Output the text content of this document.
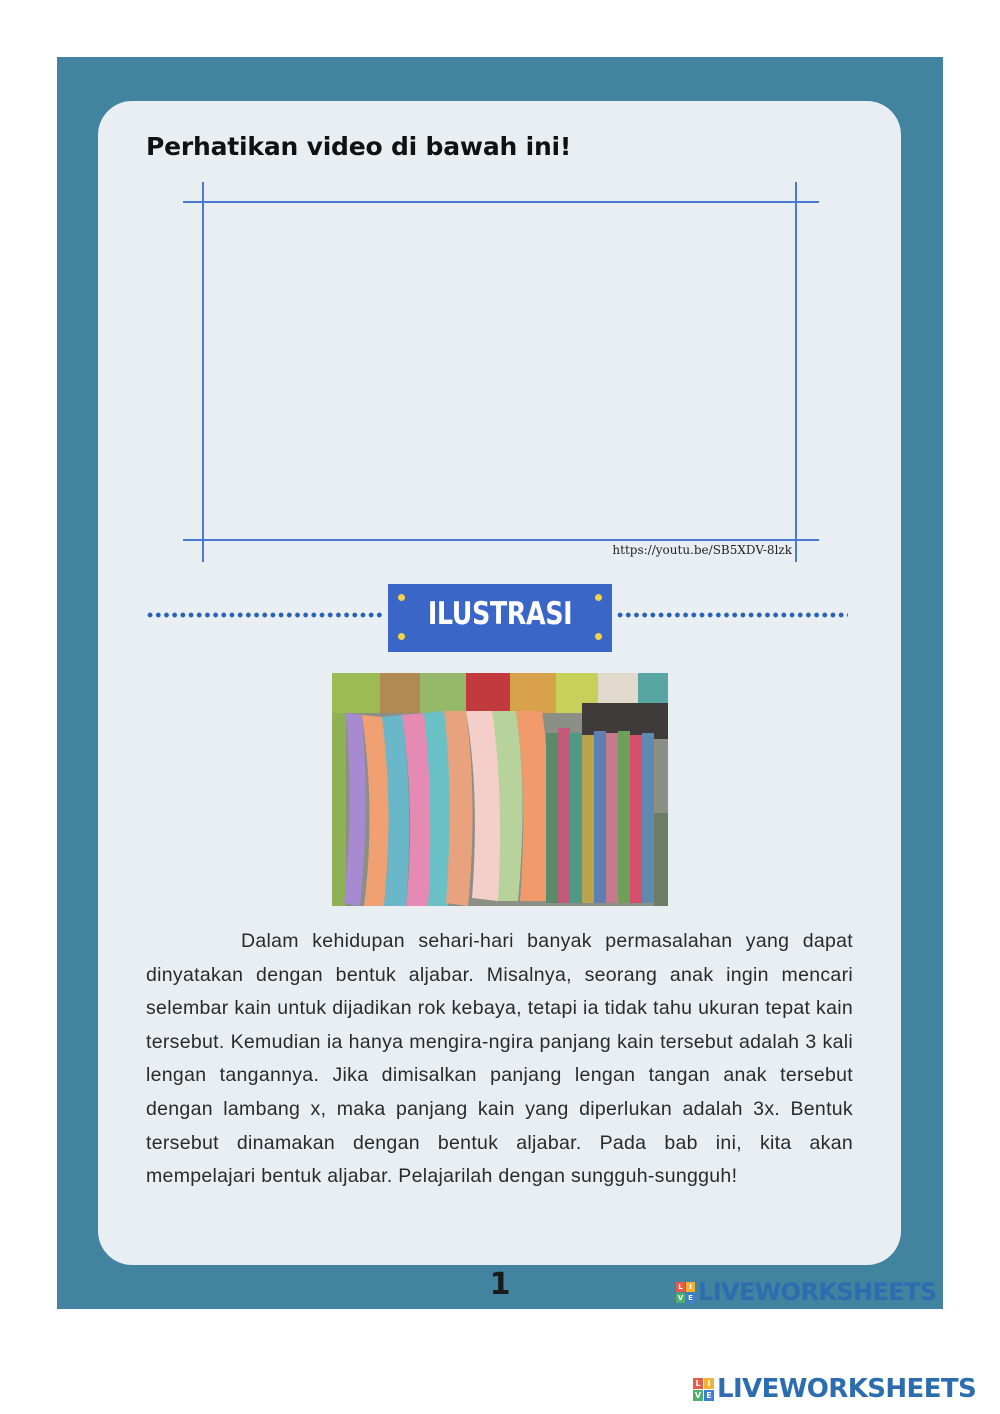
Perhatikan video di bawah ini!
https://youtu.be/SB5XDV-8lzk
ILUSTRASI

Dalam kehidupan sehari-hari banyak permasalahan yang dapat dinyatakan dengan bentuk aljabar. Misalnya, seorang anak ingin mencari selembar kain untuk dijadikan rok kebaya, tetapi ia tidak tahu ukuran tepat kain tersebut. Kemudian ia hanya mengira-ngira panjang kain tersebut adalah 3 kali lengan tangannya. Jika dimisalkan panjang lengan tangan anak tersebut dengan lambang x, maka panjang kain yang diperlukan adalah 3x. Bentuk tersebut dinamakan dengan bentuk aljabar. Pada bab ini, kita akan mempelajari bentuk aljabar. Pelajarilah dengan sungguh-sungguh!

1	L I
V E LIVEWORKSHEETS
L I
V E LIVEWORKSHEETS
